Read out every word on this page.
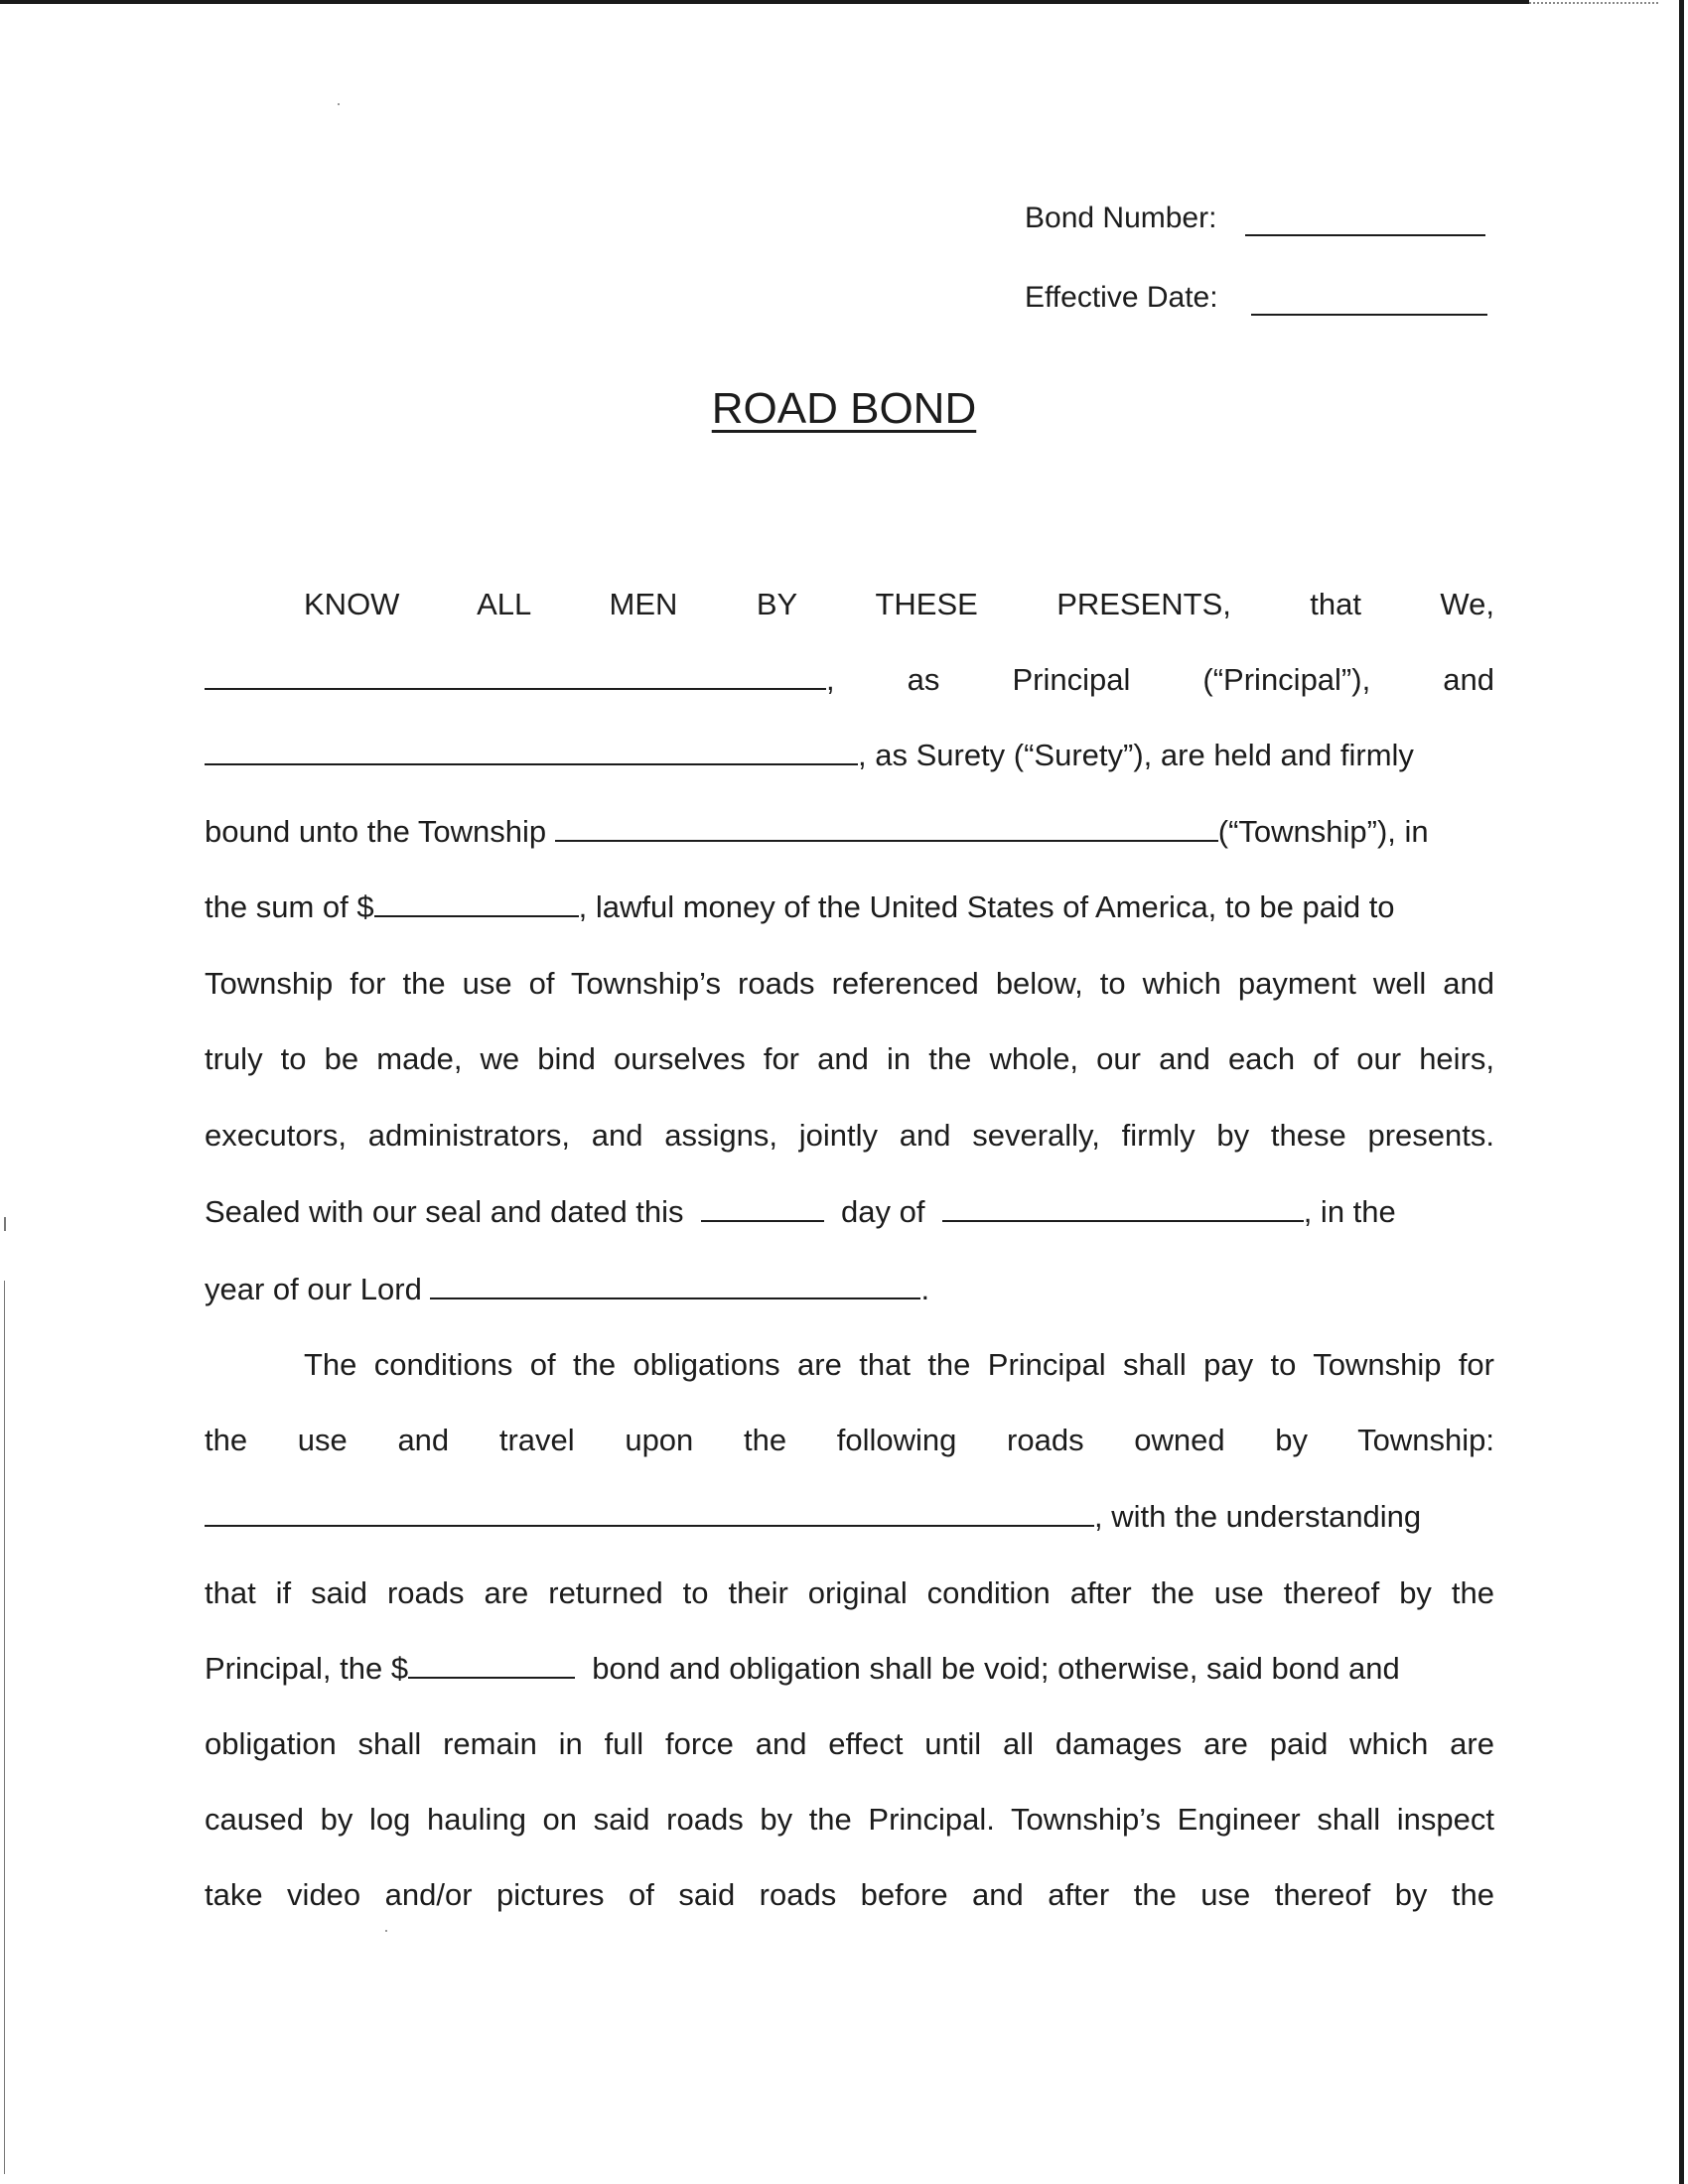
Bond Number:
Effective Date:
ROAD BOND
KNOW	ALL	MEN	BY	THESE	PRESENTS,	that	We,
, as Principal (“Principal”), and
, as Surety (“Surety”), are held and firmly
bound unto the Township	(“Township”), in
the sum of $	, lawful money of the United States of America, to be paid to
Township for the use of Township’s roads referenced below, to which payment well and
truly to be made, we bind ourselves for and in the whole, our and each of our heirs,
executors, administrators, and assigns, jointly and severally, firmly by these presents.
Sealed with our seal and dated this	day of	, in the
year of our Lord	.
The conditions of the obligations are that the Principal shall pay to Township for
the use and travel upon the following roads owned by Township:
, with the understanding
that if said roads are returned to their original condition after the use thereof by the
Principal, the $	bond and obligation shall be void; otherwise, said bond and
obligation shall remain in full force and effect until all damages are paid which are
caused by log hauling on said roads by the Principal. Township’s Engineer shall inspect
take video and/or pictures of said roads before and after the use thereof by the
